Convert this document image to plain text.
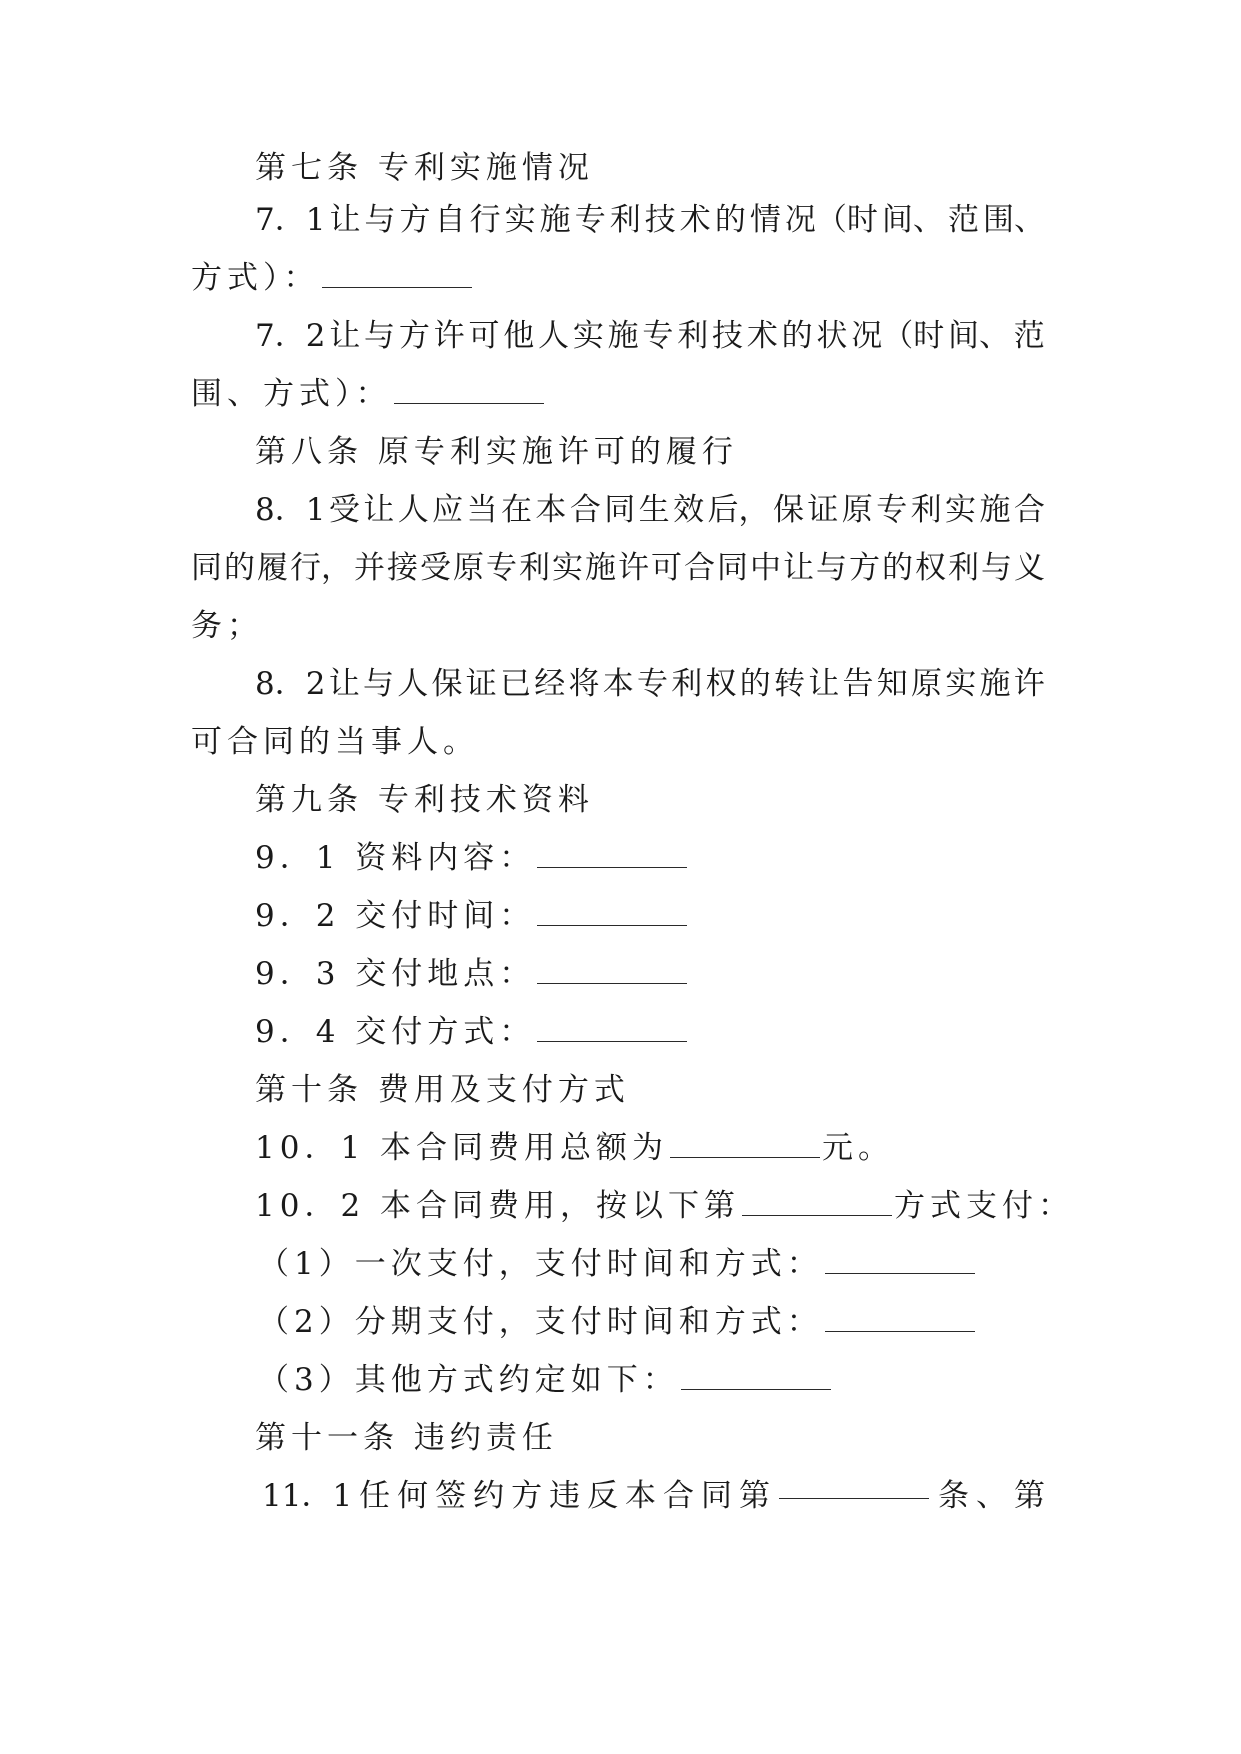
第七条 专利实施情况
7．1 让 与 方 自 行 实 施 专 利 技 术 的 情 况（时 间、 范 围、
方式）：
7．2 让 与 方 许 可 他 人 实 施 专 利 技 术 的 状 况（时 间、 范
围、方式）：
第八条 原专利实施许可的履行
8．1 受 让 人 应 当 在 本 合 同 生 效 后， 保 证 原 专 利 实 施 合
同 的 履 行， 并 接 受 原 专 利 实 施 许 可 合 同 中 让 与 方 的 权 利 与 义
务；
8．2 让 与 人 保 证 已 经 将 本 专 利 权 的 转 让 告 知 原 实 施 许
可合同的当事人。
第九条 专利技术资料
9．1 资料内容：
9．2 交付时间：
9．3 交付地点：
9．4 交付方式：
第十条 费用及支付方式
10．1 本合同费用总额为	元。
10．2 本合同费用，按以下第	方式支付：
（1）一次支付，支付时间和方式：
（2）分期支付，支付时间和方式：
（3）其他方式约定如下：
第十一条 违约责任
11．1 任 何 签 约 方 违 反 本 合 同 第	条 、 第
